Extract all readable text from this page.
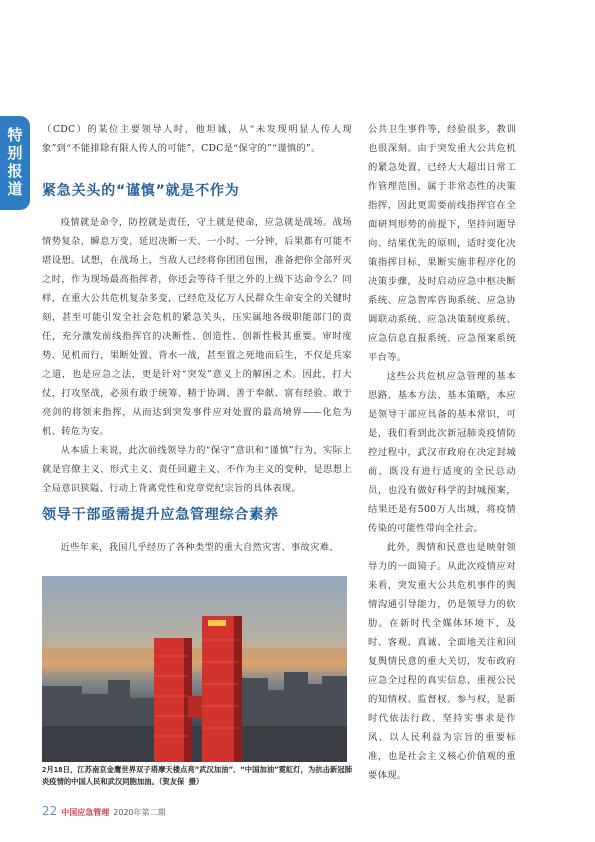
特别报道 （CDC）的某位主要领导人时，他坦诚，从“未发现明显人传人现象”到“不能排除有限人传人的可能”，CDC是“保守的”“谨慎的”。

紧急关头的“谨慎”就是不作为

疫情就是命令，防控就是责任，守土就是使命，应急就是战场。战场情势复杂，瞬息万变，延迟决断一天、一小时、一分钟，后果都有可能不堪设想。试想，在战场上，当敌人已经将你团团包围，准备把你全部歼灭之时，作为现场最高指挥者，你还会等待千里之外的上级下达命令么？同样，在重大公共危机复杂多变，已经危及亿万人民群众生命安全的关键时刻，甚至可能引发全社会危机的紧急关头，压实属地各级职能部门的责任，充分激发前线指挥官的决断性、创造性、创新性极其重要。审时度势、见机而行，果断处置、背水一战，甚至置之死地而后生，不仅是兵家之道，也是应急之法，更是针对“突发”意义上的解困之术。因此，打大仗，打攻坚战，必须有敢于统筹、精于协调、善于奉献、富有经验、敢于亮剑的将领来指挥，从而达到突发事件应对处置的最高境界——化危为机、转危为安。

从本质上来说，此次前线领导力的“保守”意识和“谨慎”行为，实际上就是官僚主义、形式主义、责任回避主义、不作为主义的变种，是思想上全局意识狭隘、行动上背离党性和党章党纪宗旨的具体表现。

领导干部亟需提升应急管理综合素养

近些年来，我国几乎经历了各种类型的重大自然灾害、事故灾难、

公共卫生事件等，经验很多，教训也很深刻。由于突发重大公共危机的紧急处置，已经大大超出日常工作管理范围，属于非常态性的决策指挥，因此更需要前线指挥官在全面研判形势的前提下，坚持问题导向、结果优先的原则，适时变化决策指挥目标，果断实施非程序化的决策步骤，及时启动应急中枢决断系统、应急智库咨询系统、应急协调联动系统、应急决策制度系统、应急信息直报系统、应急预案系统平台等。

这些公共危机应急管理的基本思路、基本方法、基本策略，本应是领导干部应具备的基本常识，可是，我们看到此次新冠肺炎疫情防控过程中，武汉市政府在决定封城前，既没有进行适度的全民总动员，也没有做好科学的封城预案，结果还是有500万人出城，将疫情传染的可能性带向全社会。

此外，舆情和民意也是映射领导力的一面镜子。从此次疫情应对来看，突发重大公共危机事件的舆情沟通引导能力，仍是领导力的软肋。在新时代全媒体环境下，及时、客观、真诚、全面地关注和回复舆情民意的重大关切，发布政府应急全过程的真实信息，重视公民的知情权、监督权、参与权，是新时代依法行政、坚持实事求是作风、以人民利益为宗旨的重要标准，也是社会主义核心价值观的重要体现。

2月18日，江苏南京金鹰世界双子塔摩天楼点亮“武汉加油”、“中国加油”霓虹灯，为抗击新冠肺炎疫情的中国人民和武汉同胞加油。（贺友保 摄）

22 中国应急管理 2020年第二期
